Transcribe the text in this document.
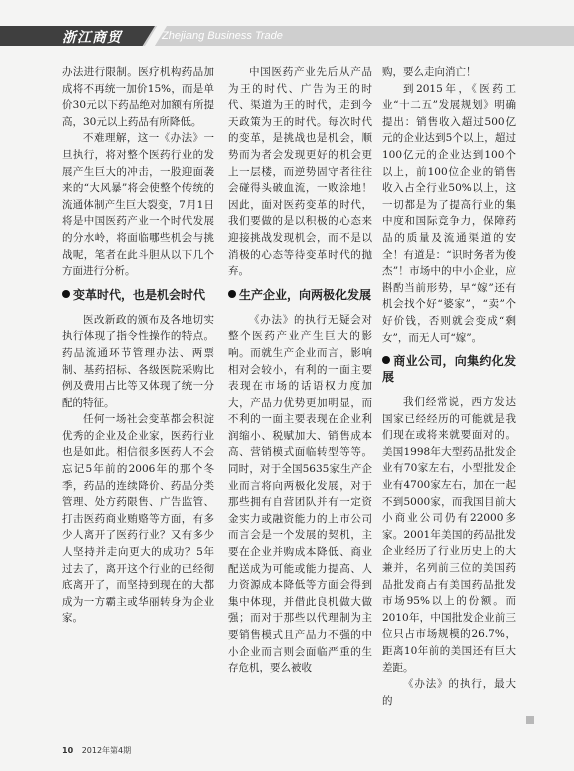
浙江商贸	Zhejiang Business Trade

办法进行限制。医疗机构药品加成将不再统一加价15%，而是单价30元以下药品绝对加额有所提高，30元以上药品有所降低。

不难理解，这一《办法》一旦执行，将对整个医药行业的发展产生巨大的冲击，一股迎面袭来的“大风暴”将会使整个传统的流通体制产生巨大裂变，7月1日将是中国医药产业一个时代发展的分水岭，将面临哪些机会与挑战呢，笔者在此斗胆从以下几个方面进行分析。

变革时代，也是机会时代

医改新政的颁布及各地切实执行体现了指令性操作的特点。药品流通环节管理办法、两票制、基药招标、各级医院采购比例及费用占比等又体现了统一分配的特征。

任何一场社会变革都会积淀优秀的企业及企业家，医药行业也是如此。相信很多医药人不会忘记5年前的2006年的那个冬季，药品的连续降价、药品分类管理、处方药限售、广告监管、打击医药商业贿赂等方面，有多少人离开了医药行业？又有多少人坚持并走向更大的成功？5年过去了，离开这个行业的已经彻底离开了，而坚持到现在的大都成为一方霸主或华丽转身为企业家。

中国医药产业先后从产品为王的时代、广告为王的时代、渠道为王的时代，走到今天政策为王的时代。每次时代的变革，是挑战也是机会，顺势而为者会发现更好的机会更上一层楼，而逆势固守者往往会碰得头破血流，一败涂地！因此，面对医药变革的时代，我们要做的是以积极的心态来迎接挑战发现机会，而不是以消极的心态等待变革时代的抛弃。

生产企业，向两极化发展

《办法》的执行无疑会对整个医药产业产生巨大的影响。而就生产企业而言，影响相对会较小，有利的一面主要表现在市场的话语权力度加大，产品力优势更加明显，而不利的一面主要表现在企业利润缩小、税赋加大、销售成本高、营销模式面临转型等等。同时，对于全国5635家生产企业而言将向两极化发展，对于那些拥有自营团队并有一定资金实力或融资能力的上市公司而言会是一个发展的契机，主要在企业并购成本降低、商业配送成为可能或能力提高、人力资源成本降低等方面会得到集中体现，并借此良机做大做强；而对于那些以代理制为主要销售模式且产品力不强的中小企业而言则会面临严重的生存危机，要么被收

购，要么走向消亡！

到2015年，《医药工业“十二五”发展规划》明确提出：销售收入超过500亿元的企业达到5个以上，超过100亿元的企业达到100个以上，前100位企业的销售收入占全行业50%以上，这一切都是为了提高行业的集中度和国际竞争力，保障药品的质量及流通渠道的安全！有道是：“识时务者为俊杰”！市场中的中小企业，应斟酌当前形势，早“嫁”还有机会找个好“婆家”，“卖”个好价钱，否则就会变成“剩女”，而无人可“嫁”。

商业公司，向集约化发展

我们经常说，西方发达国家已经经历的可能就是我们现在或将来就要面对的。美国1998年大型药品批发企业有70家左右，小型批发企业有4700家左右，加在一起不到5000家，而我国目前大小商业公司仍有22000多家。2001年美国的药品批发企业经历了行业历史上的大兼并，名列前三位的美国药品批发商占有美国药品批发市场95%以上的份额。而2010年，中国批发企业前三位只占市场规模的26.7%，距离10年前的美国还有巨大差距。

《办法》的执行，最大的

10 2012年第4期
